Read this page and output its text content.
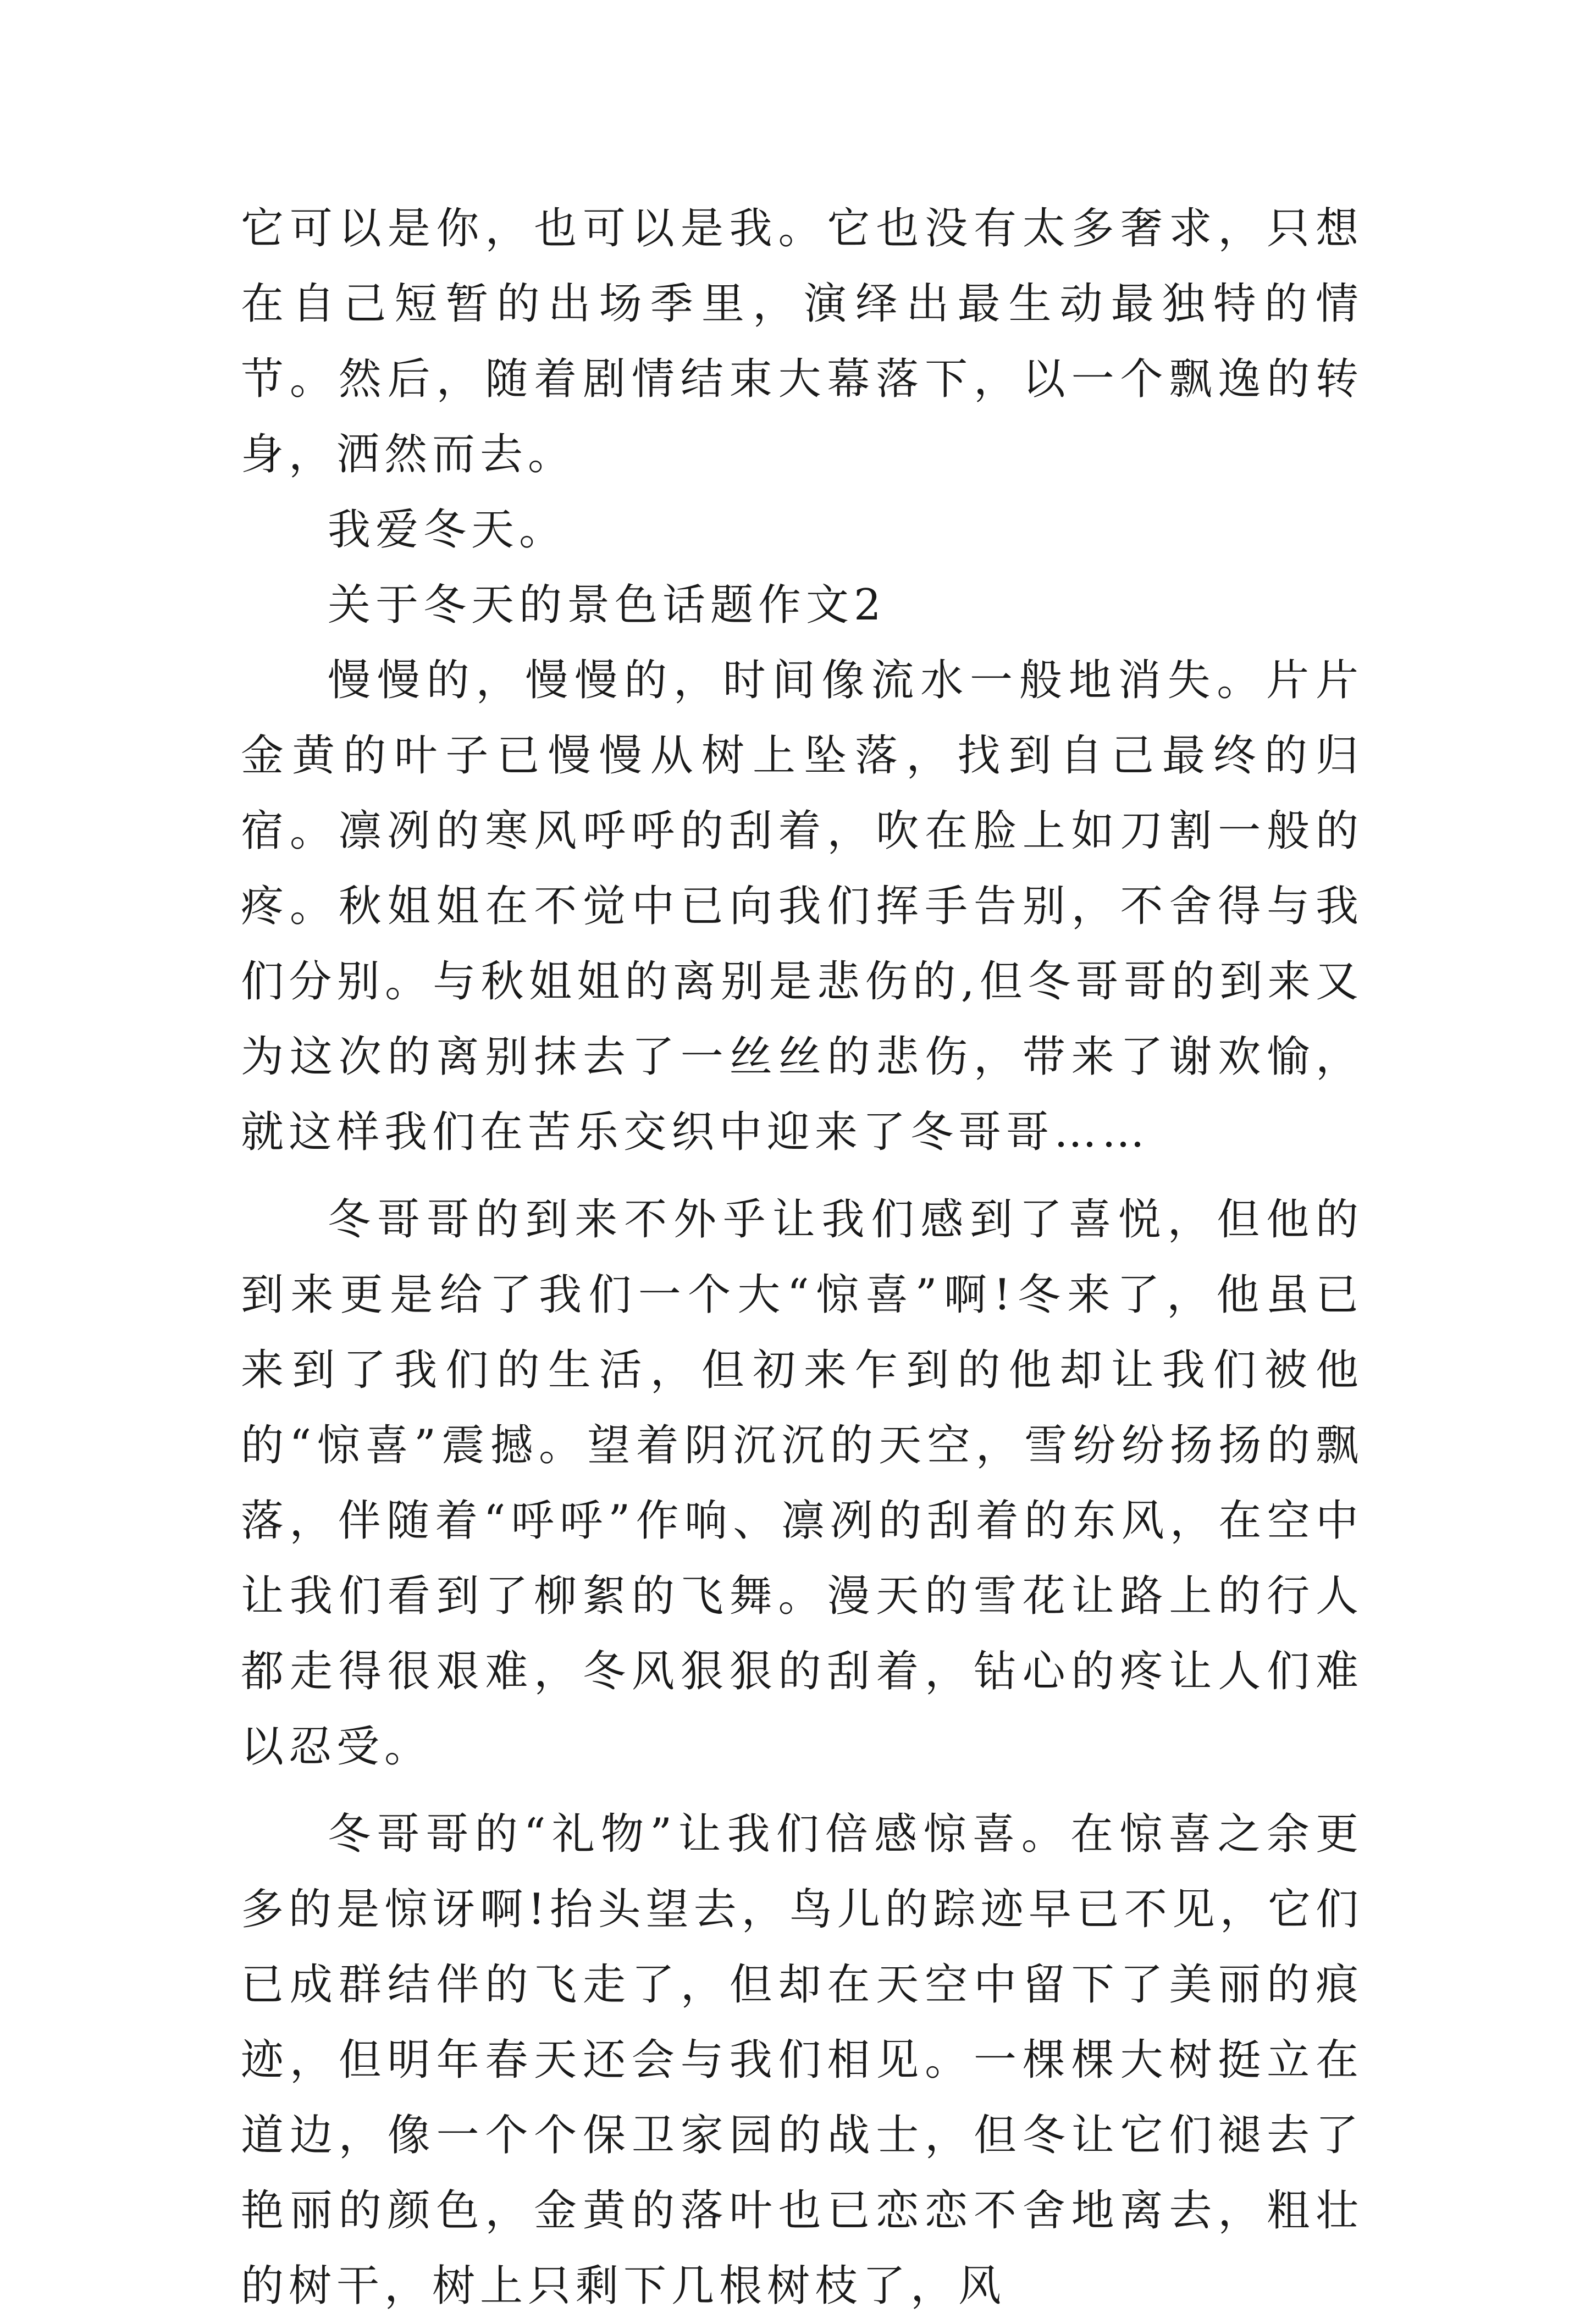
它可以是你，也可以是我。它也没有太多奢求，只想在自己短暂的出场季里，演绎出最生动最独特的情节。然后，随着剧情结束大幕落下，以一个飘逸的转身，洒然而去。

我爱冬天。

关于冬天的景色话题作文2

慢慢的，慢慢的，时间像流水一般地消失。片片金黄的叶子已慢慢从树上坠落，找到自己最终的归宿。凛冽的寒风呼呼的刮着，吹在脸上如刀割一般的疼。秋姐姐在不觉中已向我们挥手告别，不舍得与我们分别。与秋姐姐的离别是悲伤的,但冬哥哥的到来又为这次的离别抹去了一丝丝的悲伤，带来了谢欢愉，就这样我们在苦乐交织中迎来了冬哥哥……

冬哥哥的到来不外乎让我们感到了喜悦，但他的到来更是给了我们一个大“惊喜”啊!冬来了，他虽已来到了我们的生活，但初来乍到的他却让我们被他的“惊喜”震撼。望着阴沉沉的天空，雪纷纷扬扬的飘落，伴随着“呼呼”作响、凛冽的刮着的东风，在空中让我们看到了柳絮的飞舞。漫天的雪花让路上的行人都走得很艰难，冬风狠狠的刮着，钻心的疼让人们难以忍受。

冬哥哥的“礼物”让我们倍感惊喜。在惊喜之余更多的是惊讶啊!抬头望去，鸟儿的踪迹早已不见，它们已成群结伴的飞走了，但却在天空中留下了美丽的痕迹，但明年春天还会与我们相见。一棵棵大树挺立在道边，像一个个保卫家园的战士，但冬让它们褪去了艳丽的颜色，金黄的落叶也已恋恋不舍地离去，粗壮的树干，树上只剩下几根树枝了，风
